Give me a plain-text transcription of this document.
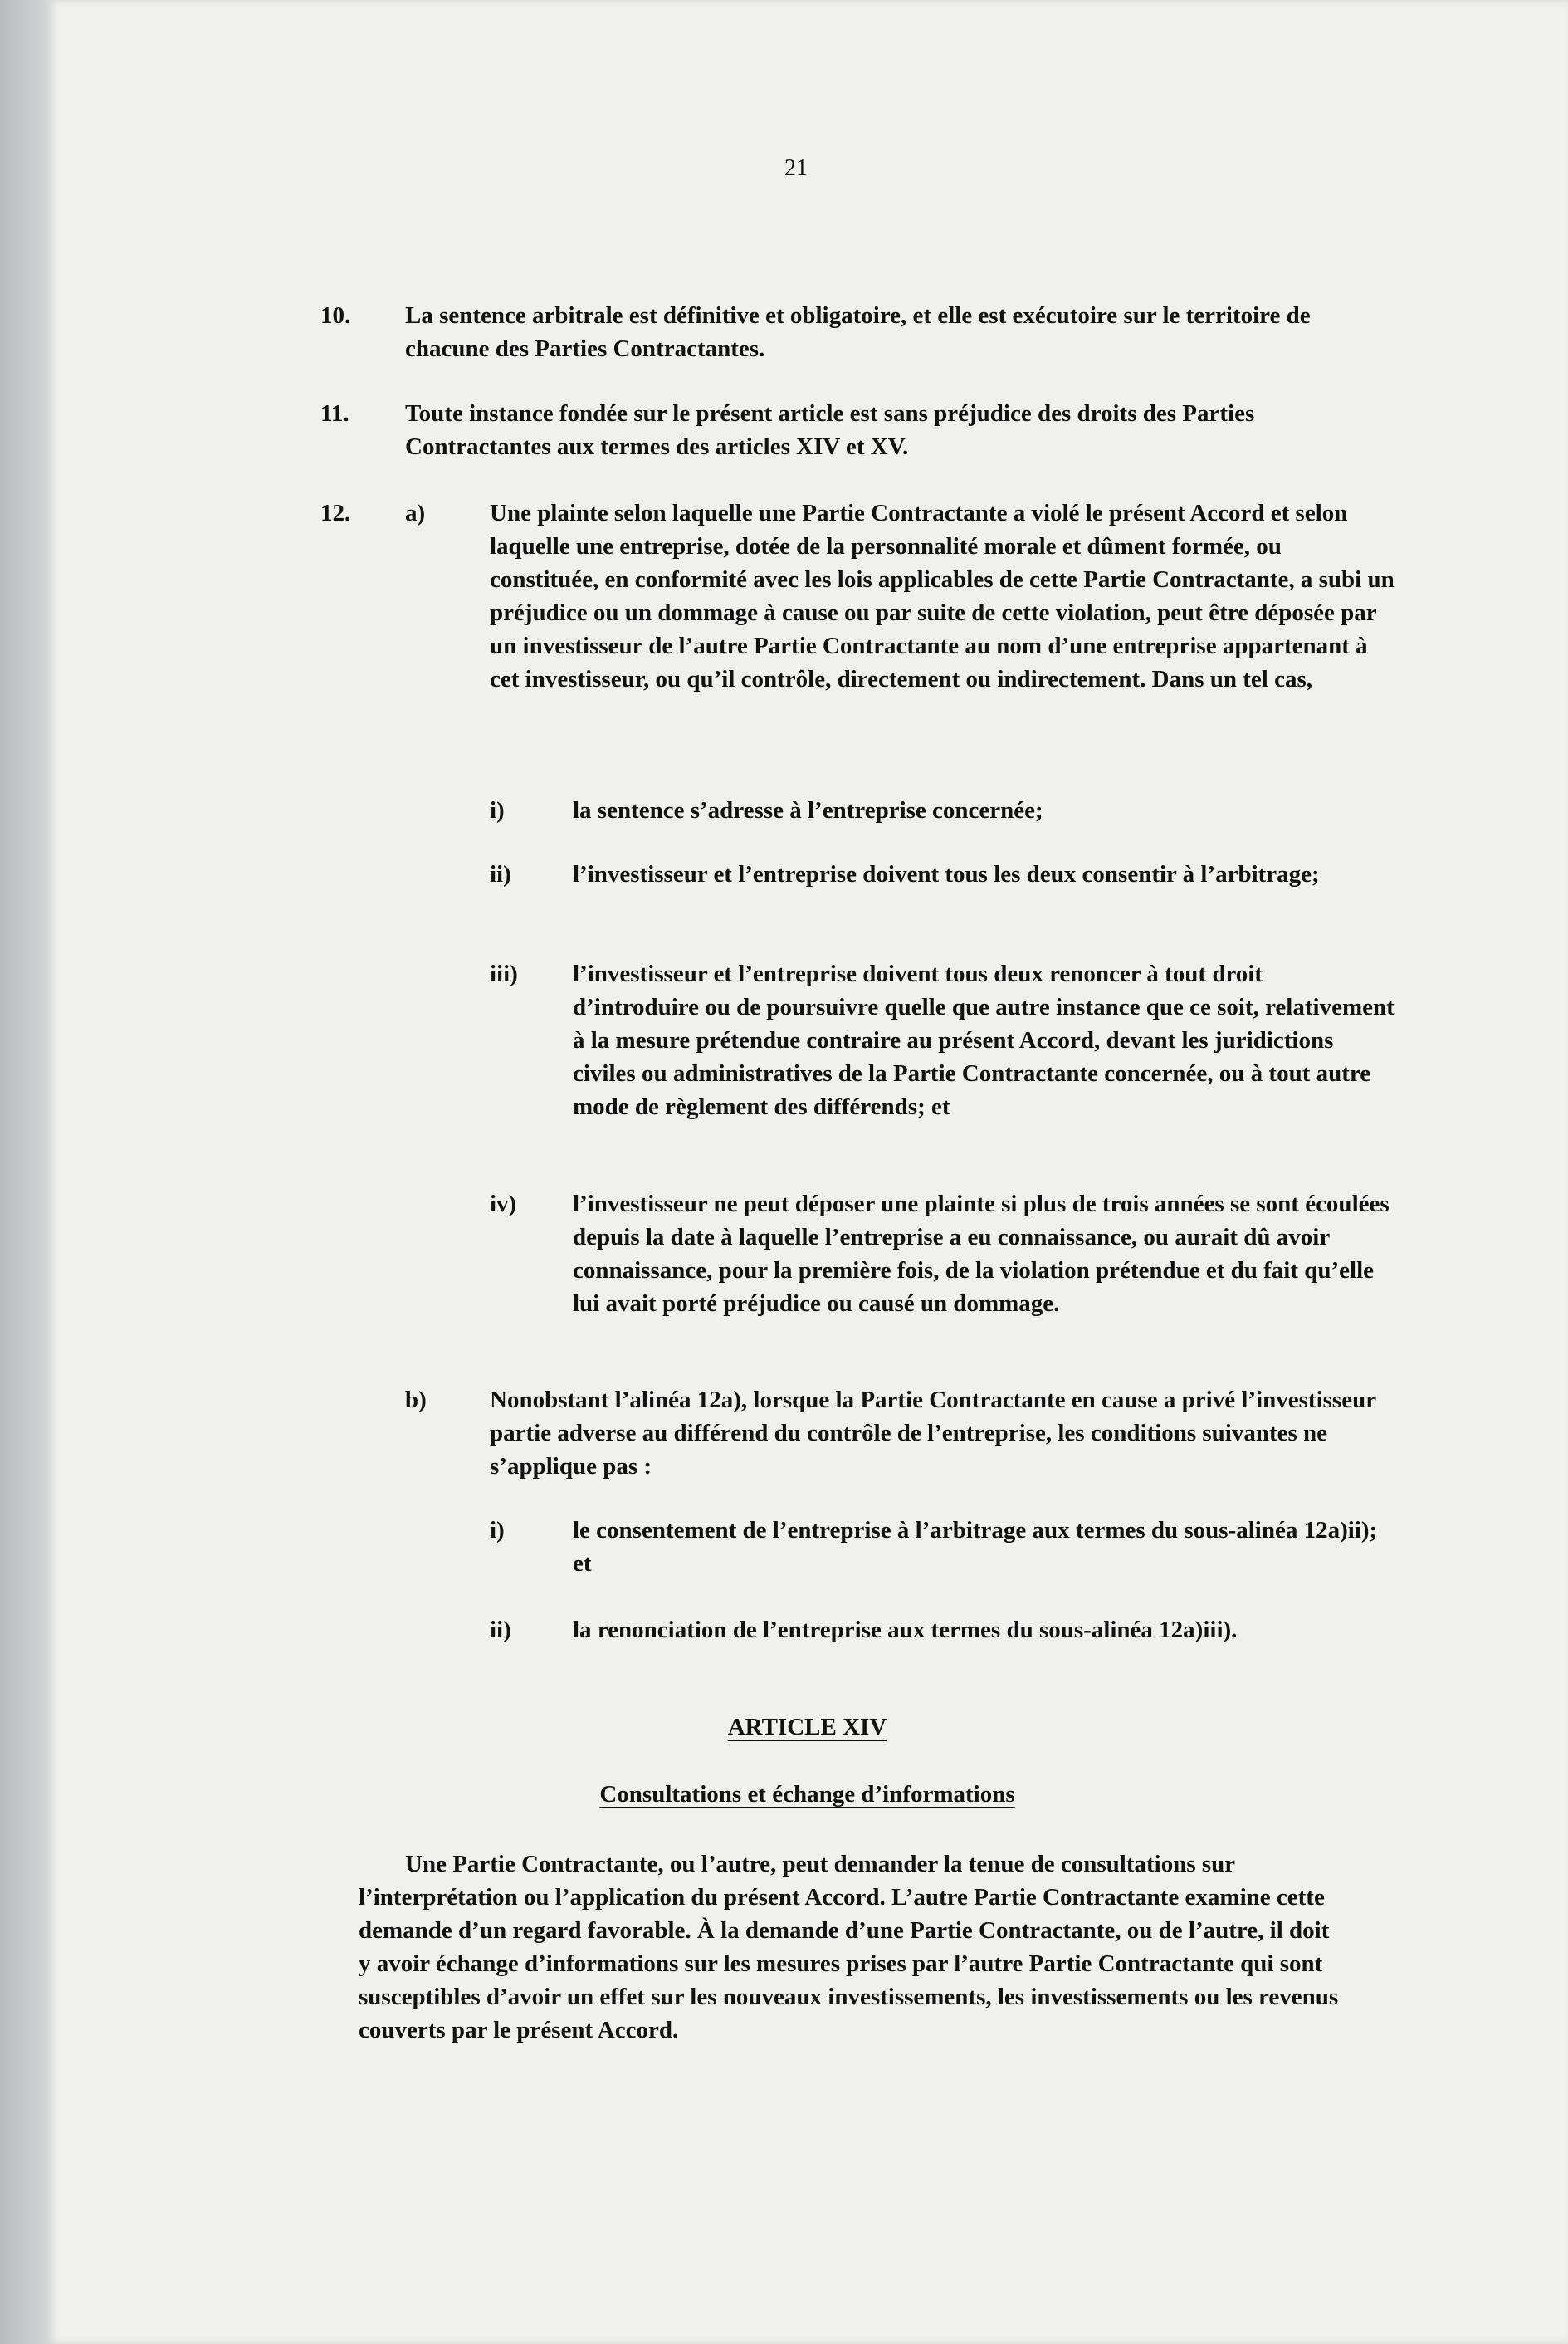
21
10. La sentence arbitrale est définitive et obligatoire, et elle est exécutoire sur le territoire de chacune des Parties Contractantes.
11. Toute instance fondée sur le présent article est sans préjudice des droits des Parties Contractantes aux termes des articles XIV et XV.
12. a)	Une plainte selon laquelle une Partie Contractante a violé le présent Accord et selon laquelle une entreprise, dotée de la personnalité morale et dûment formée, ou constituée, en conformité avec les lois applicables de cette Partie Contractante, a subi un préjudice ou un dommage à cause ou par suite de cette violation, peut être déposée par un investisseur de l’autre Partie Contractante au nom d’une entreprise appartenant à cet investisseur, ou qu’il contrôle, directement ou indirectement. Dans un tel cas,
i)	la sentence s’adresse à l’entreprise concernée;
ii)	l’investisseur et l’entreprise doivent tous les deux consentir à l’arbitrage;
iii) l’investisseur et l’entreprise doivent tous deux renoncer à tout droit d’introduire ou de poursuivre quelle que autre instance que ce soit, relativement à la mesure prétendue contraire au présent Accord, devant les juridictions civiles ou administratives de la Partie Contractante concernée, ou à tout autre mode de règlement des différends; et
iv) l’investisseur ne peut déposer une plainte si plus de trois années se sont écoulées depuis la date à laquelle l’entreprise a eu connaissance, ou aurait dû avoir connaissance, pour la première fois, de la violation prétendue et du fait qu’elle lui avait porté préjudice ou causé un dommage.
b)	Nonobstant l’alinéa 12a), lorsque la Partie Contractante en cause a privé l’investisseur partie adverse au différend du contrôle de l’entreprise, les conditions suivantes ne s’applique pas :
i)	le consentement de l’entreprise à l’arbitrage aux termes du sous-alinéa 12a)ii); et
ii)	la renonciation de l’entreprise aux termes du sous-alinéa 12a)iii).
ARTICLE XIV
Consultations et échange d’informations
Une Partie Contractante, ou l’autre, peut demander la tenue de consultations sur l’interprétation ou l’application du présent Accord. L’autre Partie Contractante examine cette demande d’un regard favorable. À la demande d’une Partie Contractante, ou de l’autre, il doit y avoir échange d’informations sur les mesures prises par l’autre Partie Contractante qui sont susceptibles d’avoir un effet sur les nouveaux investissements, les investissements ou les revenus couverts par le présent Accord.
